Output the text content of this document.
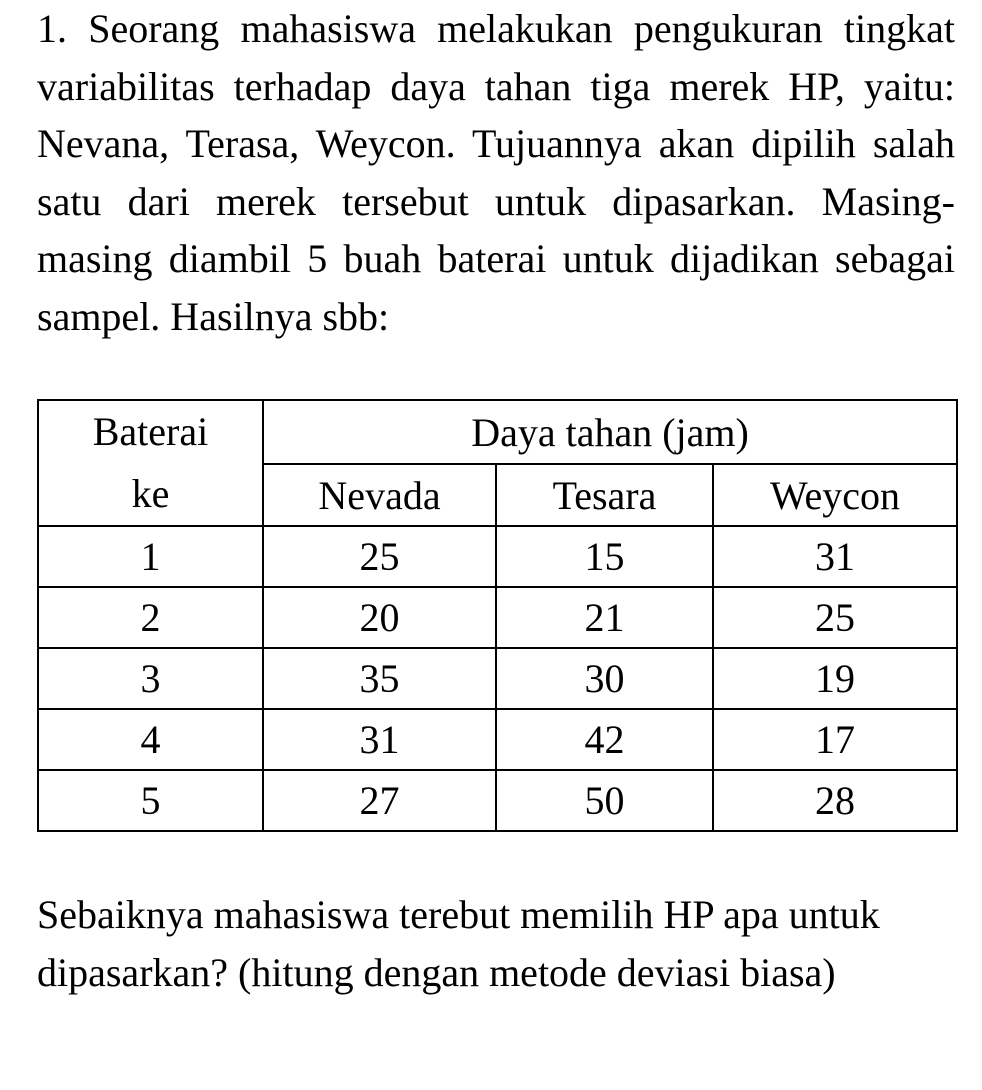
1. Seorang mahasiswa melakukan pengukuran tingkat variabilitas terhadap daya tahan tiga merek HP, yaitu: Nevana, Terasa, Weycon. Tujuannya akan dipilih salah satu dari merek tersebut untuk dipasarkan. Masing-masing diambil 5 buah baterai untuk dijadikan sebagai sampel. Hasilnya sbb:

Baterai
ke	Daya tahan (jam)		
	Nevada	Tesara	Weycon
1	25	15	31
2	20	21	25
3	35	30	19
4	31	42	17
5	27	50	28

Sebaiknya mahasiswa terebut memilih HP apa untuk dipasarkan? (hitung dengan metode deviasi biasa)
